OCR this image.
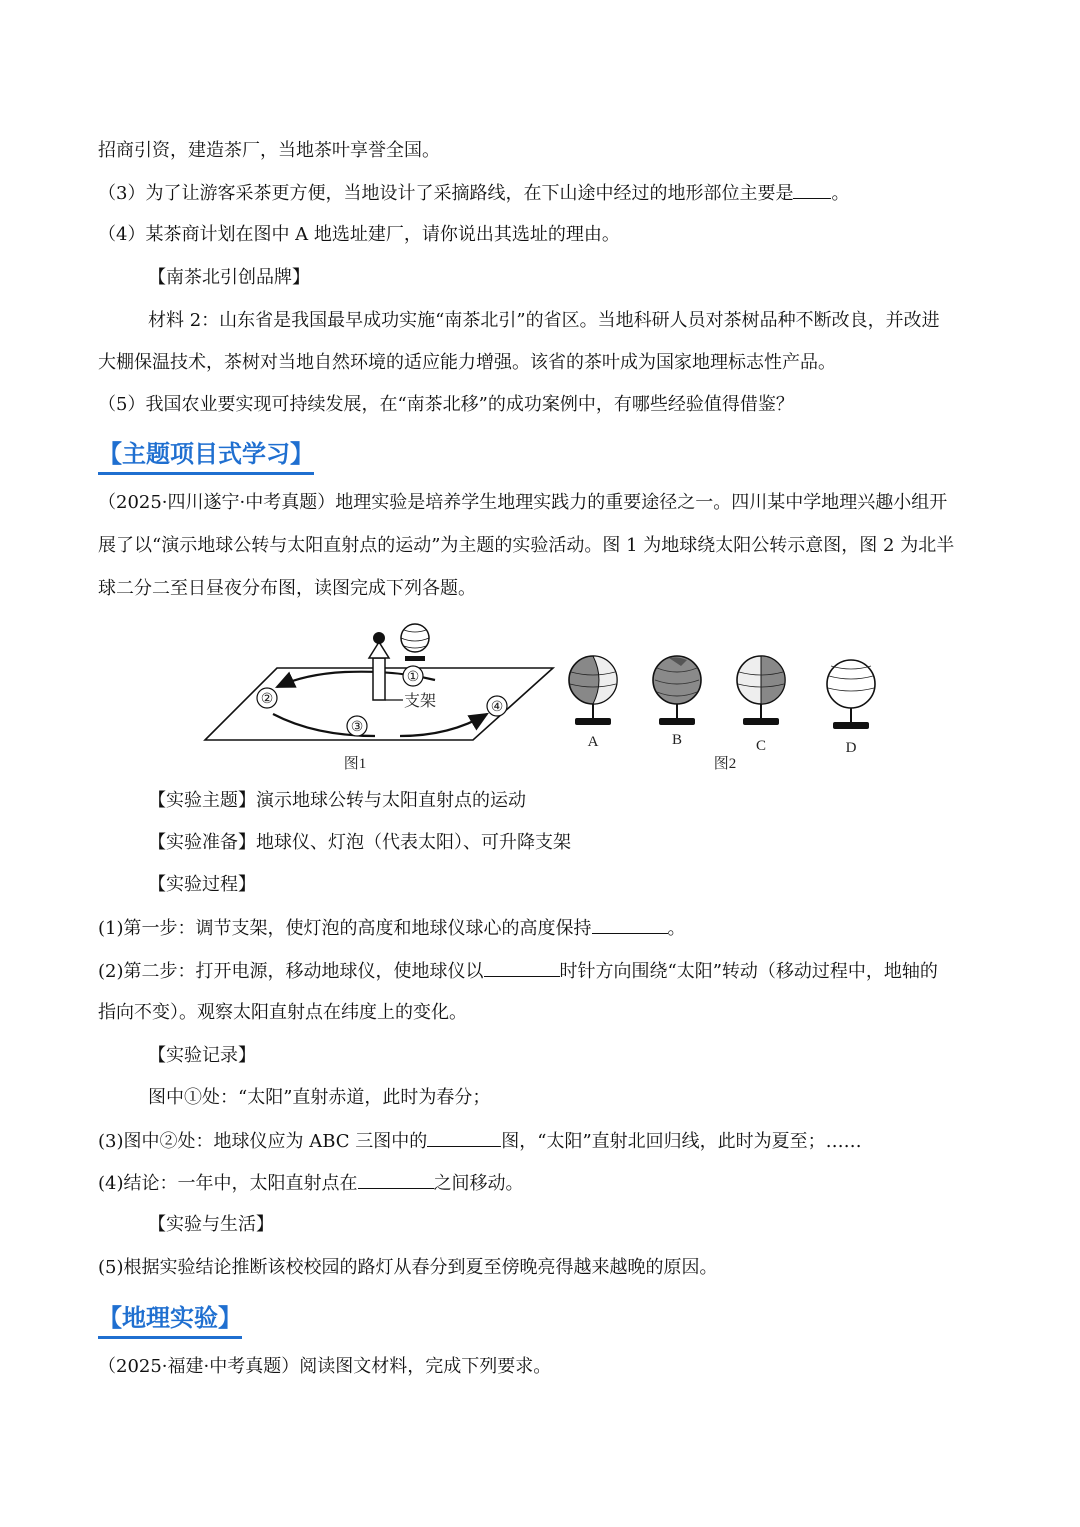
招商引资，建造茶厂，当地茶叶享誉全国。
（3）为了让游客采茶更方便，当地设计了采摘路线，在下山途中经过的地形部位主要是 。
（4）某茶商计划在图中 A 地选址建厂，请你说出其选址的理由。
【南茶北引创品牌】
材料 2：山东省是我国最早成功实施“南茶北引”的省区。当地科研人员对茶树品种不断改良，并改进
大棚保温技术，茶树对当地自然环境的适应能力增强。该省的茶叶成为国家地理标志性产品。
（5）我国农业要实现可持续发展，在“南茶北移”的成功案例中，有哪些经验值得借鉴？
【主题项目式学习】
（2025·四川遂宁·中考真题）地理实验是培养学生地理实践力的重要途径之一。四川某中学地理兴趣小组开
展了以“演示地球公转与太阳直射点的运动”为主题的实验活动。图 1 为地球绕太阳公转示意图，图 2 为北半
球二分二至日昼夜分布图，读图完成下列各题。
支架
①
②
③
④
图1
A	B	C	D
图2
【实验主题】演示地球公转与太阳直射点的运动
【实验准备】地球仪、灯泡（代表太阳）、可升降支架
【实验过程】
(1)第一步：调节支架，使灯泡的高度和地球仪球心的高度保持	。
(2)第二步：打开电源，移动地球仪，使地球仪以	时针方向围绕“太阳”转动（移动过程中，地轴的
指向不变）。观察太阳直射点在纬度上的变化。
【实验记录】
图中①处：“太阳”直射赤道，此时为春分；
(3)图中②处：地球仪应为 ABC 三图中的	图，“太阳”直射北回归线，此时为夏至；……
(4)结论：一年中，太阳直射点在	之间移动。
【实验与生活】
(5)根据实验结论推断该校校园的路灯从春分到夏至傍晚亮得越来越晚的原因。
【地理实验】
（2025·福建·中考真题）阅读图文材料，完成下列要求。
